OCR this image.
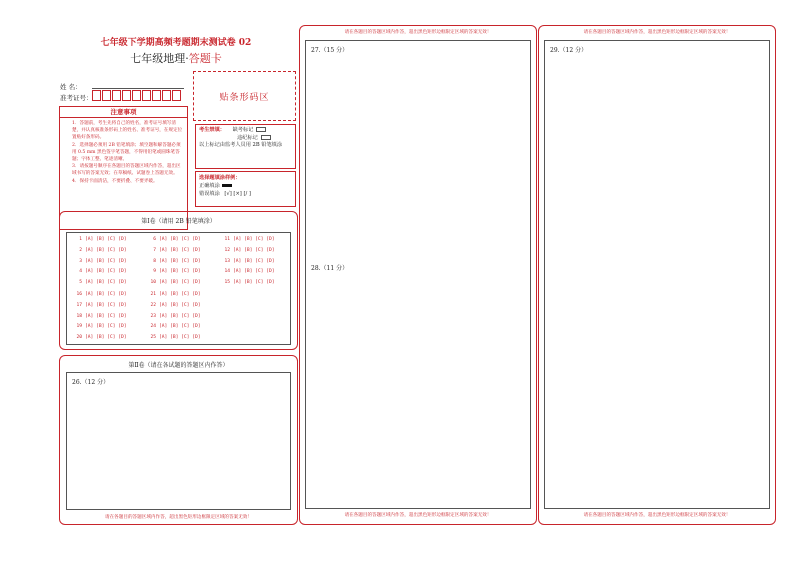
七年级下学期高频考题期末测试卷 02
七年级地理·答题卡
姓 名：
准考证号：	贴条形码区
注意事项
1．答题前，考生先将自己的姓名，准考证号填写清楚，并认真核准条形码上的姓名、准考证号，在规定位置贴好条形码。
2．选择题必须用 2B 铅笔填涂；填空题和解答题必须用 0.5 mm 黑色签字笔答题，不得用铅笔或圆珠笔答题；字体工整、笔迹清晰。
3．请按题号顺序在各题目的答题区域内作答，超出区域书写的答案无效；在草稿纸、试题卷上答题无效。
4．保持卡面清洁，不要折叠、不要弄破。
考生禁填： 缺考标记
违纪标记
以上标记由监考人员用 2B 铅笔填涂
选择题填涂样例：
正确填涂
错误填涂 [√] [×] [/ ]
第Ⅰ卷（请用 2B 铅笔填涂）
1 [A] [B] [C] [D]
2 [A] [B] [C] [D]
3 [A] [B] [C] [D]
4 [A] [B] [C] [D]
5 [A] [B] [C] [D]
6 [A] [B] [C] [D]
7 [A] [B] [C] [D]
8 [A] [B] [C] [D]
9 [A] [B] [C] [D]
10 [A] [B] [C] [D]
11 [A] [B] [C] [D]
12 [A] [B] [C] [D]
13 [A] [B] [C] [D]
14 [A] [B] [C] [D]
15 [A] [B] [C] [D]
16 [A] [B] [C] [D]
17 [A] [B] [C] [D]
18 [A] [B] [C] [D]
19 [A] [B] [C] [D]
20 [A] [B] [C] [D]
21 [A] [B] [C] [D]
22 [A] [B] [C] [D]
23 [A] [B] [C] [D]
24 [A] [B] [C] [D]
25 [A] [B] [C] [D]
第Ⅱ卷（请在各试题的答题区内作答）
26.（12 分）
请在各题目的答题区域内作答，超出黑色矩形边框限定区域的答案无效！
请在各题目的答题区域内作答，超出黑色矩形边框限定区域的答案无效！
27.（15 分）
28.（11 分）
请在各题目的答题区域内作答，超出黑色矩形边框限定区域的答案无效！
请在各题目的答题区域内作答，超出黑色矩形边框限定区域的答案无效！
29.（12 分）
请在各题目的答题区域内作答，超出黑色矩形边框限定区域的答案无效！
